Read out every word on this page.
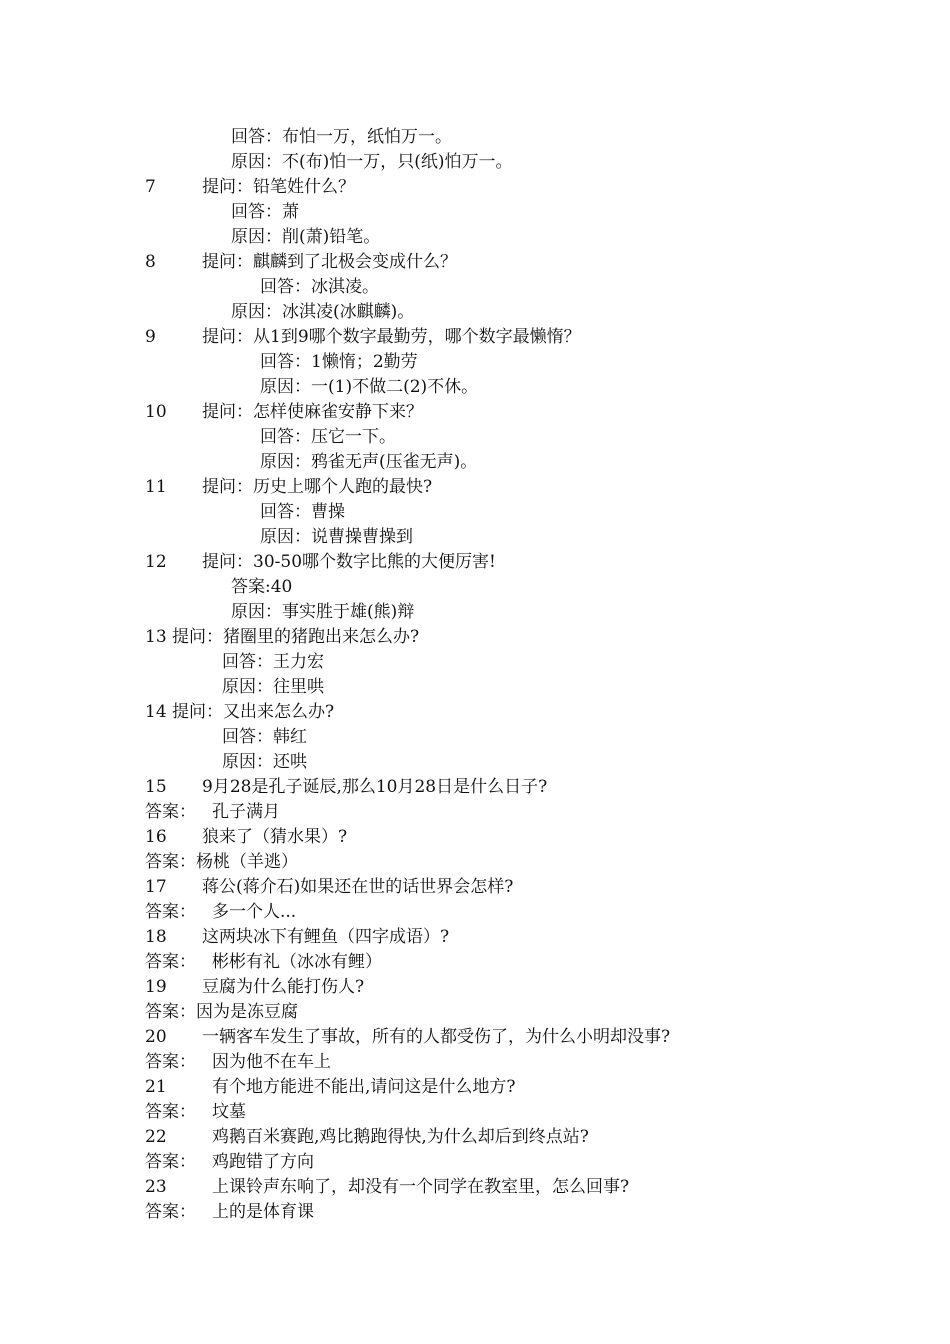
回答：布怕一万，纸怕万一。
原因：不(布)怕一万，只(纸)怕万一。
7	提问：铅笔姓什么？
回答：萧
原因：削(萧)铅笔。
8	提问：麒麟到了北极会变成什么？
回答：冰淇凌。
原因：冰淇凌(冰麒麟)。
9	提问：从1到9哪个数字最勤劳，哪个数字最懒惰？
回答：1懒惰；2勤劳
原因：一(1)不做二(2)不休。
10 提问：怎样使麻雀安静下来？
回答：压它一下。
原因：鸦雀无声(压雀无声)。
11 提问：历史上哪个人跑的最快?
回答：曹操
原因：说曹操曹操到
12 提问：30-50哪个数字比熊的大便厉害!
答案:40
原因：事实胜于雄(熊)辩
13 提问：猪圈里的猪跑出来怎么办?
回答：王力宏
原因：往里哄
14 提问：又出来怎么办?
回答：韩红
原因：还哄
15 9月28是孔子诞辰,那么10月28日是什么日子?
答案： 孔子满月
16 狼来了（猜水果）?
答案：杨桃（羊逃）
17 蒋公(蒋介石)如果还在世的话世界会怎样?
答案： 多一个人...
18 这两块冰下有鲤鱼（四字成语）?
答案： 彬彬有礼（冰冰有鲤）
19 豆腐为什么能打伤人?
答案：因为是冻豆腐
20 一辆客车发生了事故，所有的人都受伤了，为什么小明却没事?
答案： 因为他不在车上
21	有个地方能进不能出,请问这是什么地方?
答案： 坟墓
22	鸡鹅百米赛跑,鸡比鹅跑得快,为什么却后到终点站?
答案： 鸡跑错了方向
23	上课铃声东响了，却没有一个同学在教室里，怎么回事?
答案： 上的是体育课
